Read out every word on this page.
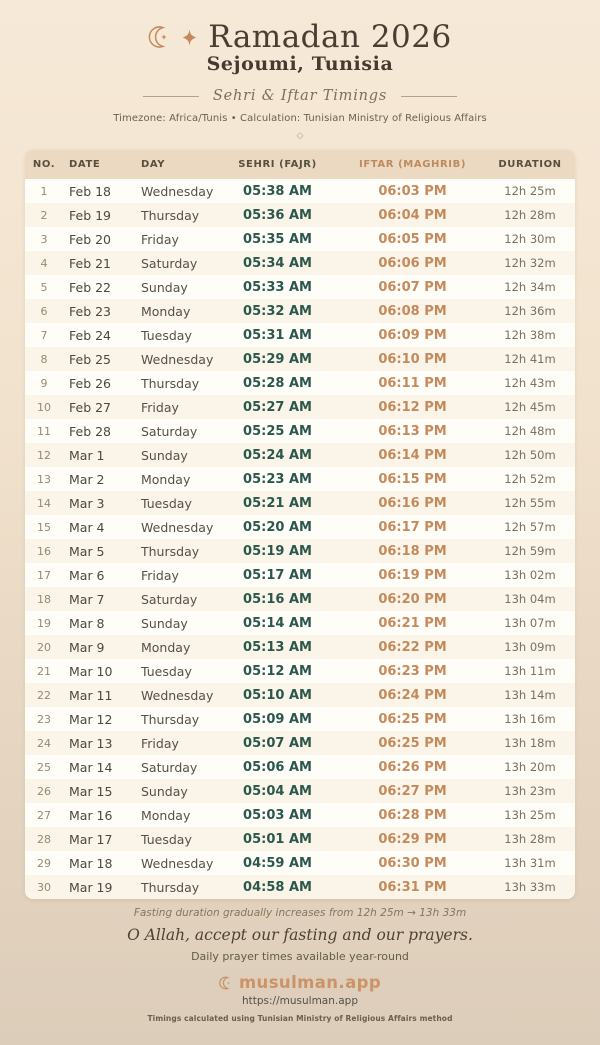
Ramadan 2026
Sejoumi, Tunisia
Sehri & Iftar Timings
Timezone: Africa/Tunis • Calculation: Tunisian Ministry of Religious Affairs
◇
NO.	DATE	DAY	SEHRI (FAJR)	IFTAR (MAGHRIB)	DURATION
1	Feb 18	Wednesday	05:38 AM	06:03 PM	12h 25m
2	Feb 19	Thursday	05:36 AM	06:04 PM	12h 28m
3	Feb 20	Friday	05:35 AM	06:05 PM	12h 30m
4	Feb 21	Saturday	05:34 AM	06:06 PM	12h 32m
5	Feb 22	Sunday	05:33 AM	06:07 PM	12h 34m
6	Feb 23	Monday	05:32 AM	06:08 PM	12h 36m
7	Feb 24	Tuesday	05:31 AM	06:09 PM	12h 38m
8	Feb 25	Wednesday	05:29 AM	06:10 PM	12h 41m
9	Feb 26	Thursday	05:28 AM	06:11 PM	12h 43m
10	Feb 27	Friday	05:27 AM	06:12 PM	12h 45m
11	Feb 28	Saturday	05:25 AM	06:13 PM	12h 48m
12	Mar 1	Sunday	05:24 AM	06:14 PM	12h 50m
13	Mar 2	Monday	05:23 AM	06:15 PM	12h 52m
14	Mar 3	Tuesday	05:21 AM	06:16 PM	12h 55m
15	Mar 4	Wednesday	05:20 AM	06:17 PM	12h 57m
16	Mar 5	Thursday	05:19 AM	06:18 PM	12h 59m
17	Mar 6	Friday	05:17 AM	06:19 PM	13h 02m
18	Mar 7	Saturday	05:16 AM	06:20 PM	13h 04m
19	Mar 8	Sunday	05:14 AM	06:21 PM	13h 07m
20	Mar 9	Monday	05:13 AM	06:22 PM	13h 09m
21	Mar 10	Tuesday	05:12 AM	06:23 PM	13h 11m
22	Mar 11	Wednesday	05:10 AM	06:24 PM	13h 14m
23	Mar 12	Thursday	05:09 AM	06:25 PM	13h 16m
24	Mar 13	Friday	05:07 AM	06:25 PM	13h 18m
25	Mar 14	Saturday	05:06 AM	06:26 PM	13h 20m
26	Mar 15	Sunday	05:04 AM	06:27 PM	13h 23m
27	Mar 16	Monday	05:03 AM	06:28 PM	13h 25m
28	Mar 17	Tuesday	05:01 AM	06:29 PM	13h 28m
29	Mar 18	Wednesday	04:59 AM	06:30 PM	13h 31m
30	Mar 19	Thursday	04:58 AM	06:31 PM	13h 33m
Fasting duration gradually increases from 12h 25m → 13h 33m
O Allah, accept our fasting and our prayers.
Daily prayer times available year-round
musulman.app
https://musulman.app
Timings calculated using Tunisian Ministry of Religious Affairs method
